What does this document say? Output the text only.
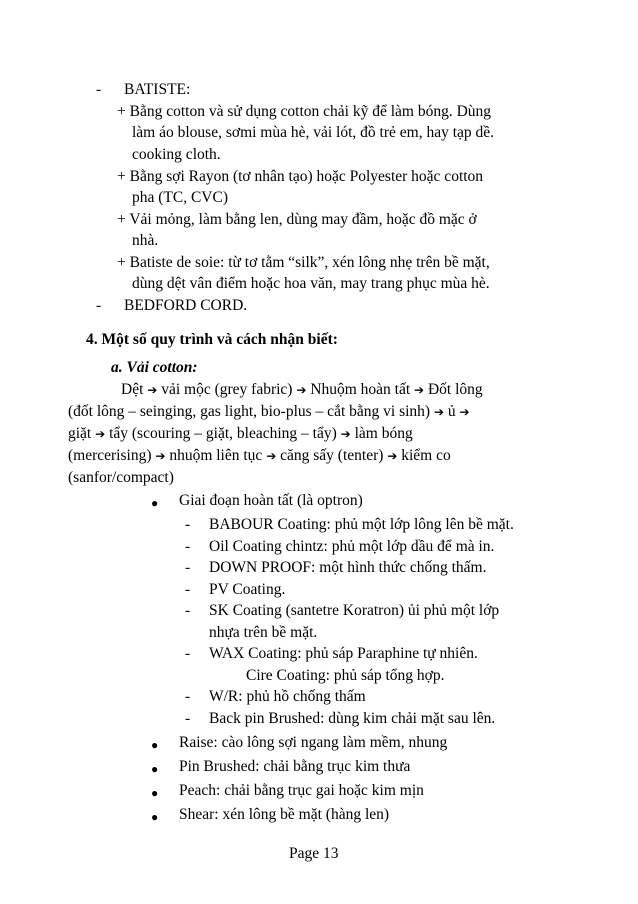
- BATISTE:
+ Bằng cotton và sử dụng cotton chải kỹ để làm bóng. Dùng
làm áo blouse, sơmi mùa hè, vải lót, đồ trẻ em, hay tạp dề.
cooking cloth.
+ Bằng sợi Rayon (tơ nhân tạo) hoặc Polyester hoặc cotton
pha (TC, CVC)
+ Vải mỏng, làm bằng len, dùng may đầm, hoặc đồ mặc ở
nhà.
+ Batiste de soie: từ tơ tằm “silk”, xén lông nhẹ trên bề mặt,
dùng dệt vân điểm hoặc hoa văn, may trang phục mùa hè.
- BEDFORD CORD.
4. Một số quy trình và cách nhận biết:
a. Vải cotton:
Dệt ➔ vải mộc (grey fabric) ➔ Nhuộm hoàn tất ➔ Đốt lông
(đốt lông – seinging, gas light, bio-plus – cắt bằng vi sinh) ➔ ủ ➔
giặt ➔ tẩy (scouring – giặt, bleaching – tẩy) ➔ làm bóng
(mercerising) ➔ nhuộm liên tục ➔ căng sấy (tenter) ➔ kiểm co
(sanfor/compact)
● Giai đoạn hoàn tất (là optron)
- BABOUR Coating: phủ một lớp lông lên bề mặt.
- Oil Coating chintz: phủ một lớp dầu để mà in.
- DOWN PROOF: một hình thức chống thấm.
- PV Coating.
- SK Coating (santetre Koratron) ủi phủ một lớp
nhựa trên bề mặt.
- WAX Coating: phủ sáp Paraphine tự nhiên.
Cire Coating: phủ sáp tổng hợp.
- W/R: phủ hồ chống thấm
- Back pin Brushed: dùng kim chải mặt sau lên.
● Raise: cào lông sợi ngang làm mềm, nhung
● Pin Brushed: chải bằng trục kim thưa
● Peach: chải bằng trục gai hoặc kim mịn
● Shear: xén lông bề mặt (hàng len)
Page 13
